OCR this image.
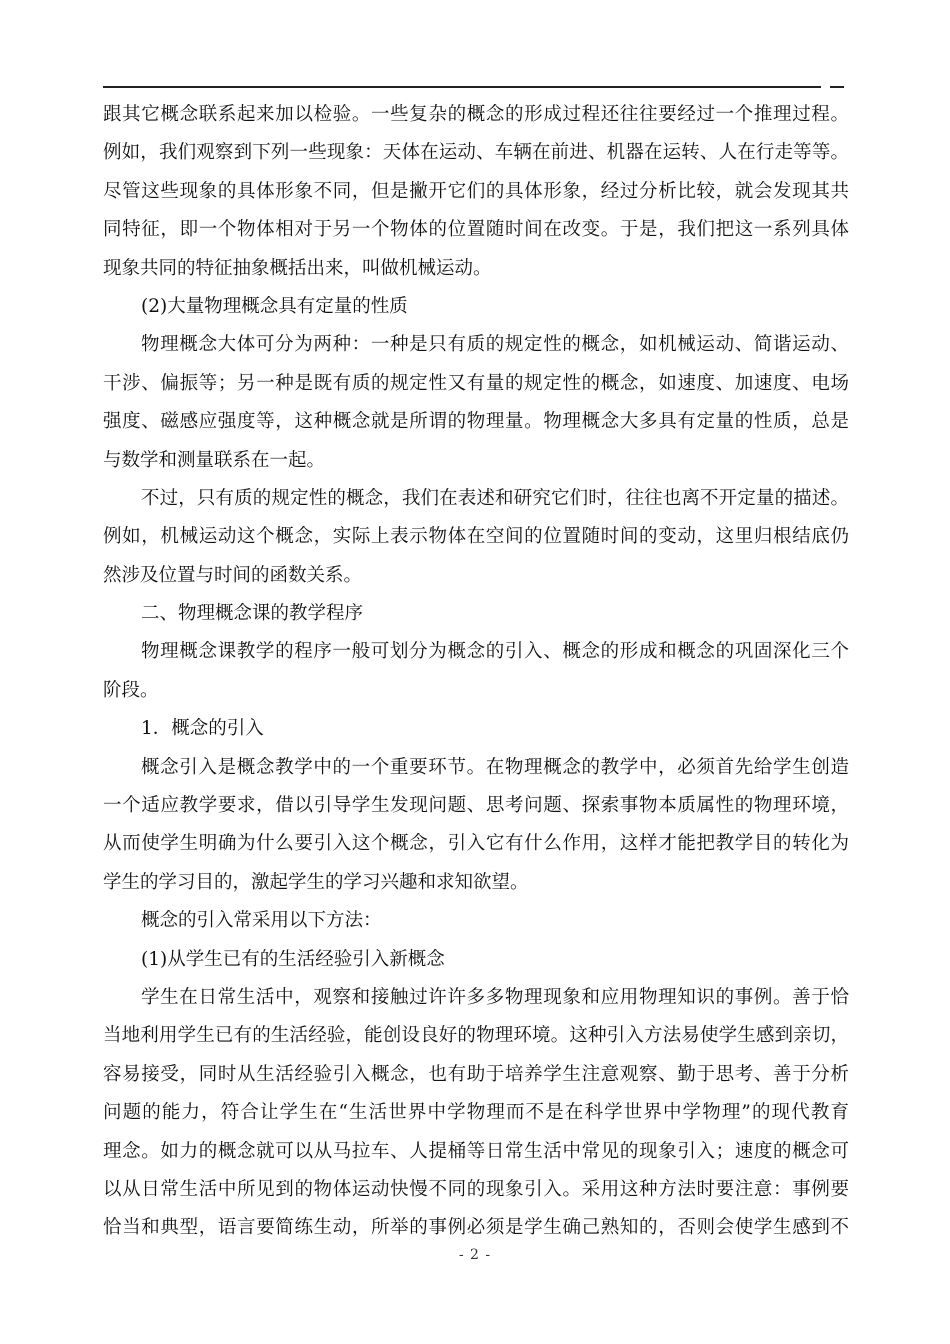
跟其它概念联系起来加以检验。一些复杂的概念的形成过程还往往要经过一个推理过程。
例如，我们观察到下列一些现象：天体在运动、车辆在前进、机器在运转、人在行走等等。
尽管这些现象的具体形象不同，但是撇开它们的具体形象，经过分析比较，就会发现其共
同特征，即一个物体相对于另一个物体的位置随时间在改变。于是，我们把这一系列具体
现象共同的特征抽象概括出来，叫做机械运动。
(2)大量物理概念具有定量的性质
物理概念大体可分为两种：一种是只有质的规定性的概念，如机械运动、简谐运动、
干涉、偏振等；另一种是既有质的规定性又有量的规定性的概念，如速度、加速度、电场
强度、磁感应强度等，这种概念就是所谓的物理量。物理概念大多具有定量的性质，总是
与数学和测量联系在一起。
不过，只有质的规定性的概念，我们在表述和研究它们时，往往也离不开定量的描述。
例如，机械运动这个概念，实际上表示物体在空间的位置随时间的变动，这里归根结底仍
然涉及位置与时间的函数关系。
二、物理概念课的教学程序
物理概念课教学的程序一般可划分为概念的引入、概念的形成和概念的巩固深化三个
阶段。
1．概念的引入
概念引入是概念教学中的一个重要环节。在物理概念的教学中，必须首先给学生创造
一个适应教学要求，借以引导学生发现问题、思考问题、探索事物本质属性的物理环境，
从而使学生明确为什么要引入这个概念，引入它有什么作用，这样才能把教学目的转化为
学生的学习目的，激起学生的学习兴趣和求知欲望。
概念的引入常采用以下方法：
(1)从学生已有的生活经验引入新概念
学生在日常生活中，观察和接触过许许多多物理现象和应用物理知识的事例。善于恰
当地利用学生已有的生活经验，能创设良好的物理环境。这种引入方法易使学生感到亲切，
容易接受，同时从生活经验引入概念，也有助于培养学生注意观察、勤于思考、善于分析
问题的能力，符合让学生在“生活世界中学物理而不是在科学世界中学物理”的现代教育
理念。如力的概念就可以从马拉车、人提桶等日常生活中常见的现象引入；速度的概念可
以从日常生活中所见到的物体运动快慢不同的现象引入。采用这种方法时要注意：事例要
恰当和典型，语言要简练生动，所举的事例必须是学生确己熟知的，否则会使学生感到不
- 2 -
